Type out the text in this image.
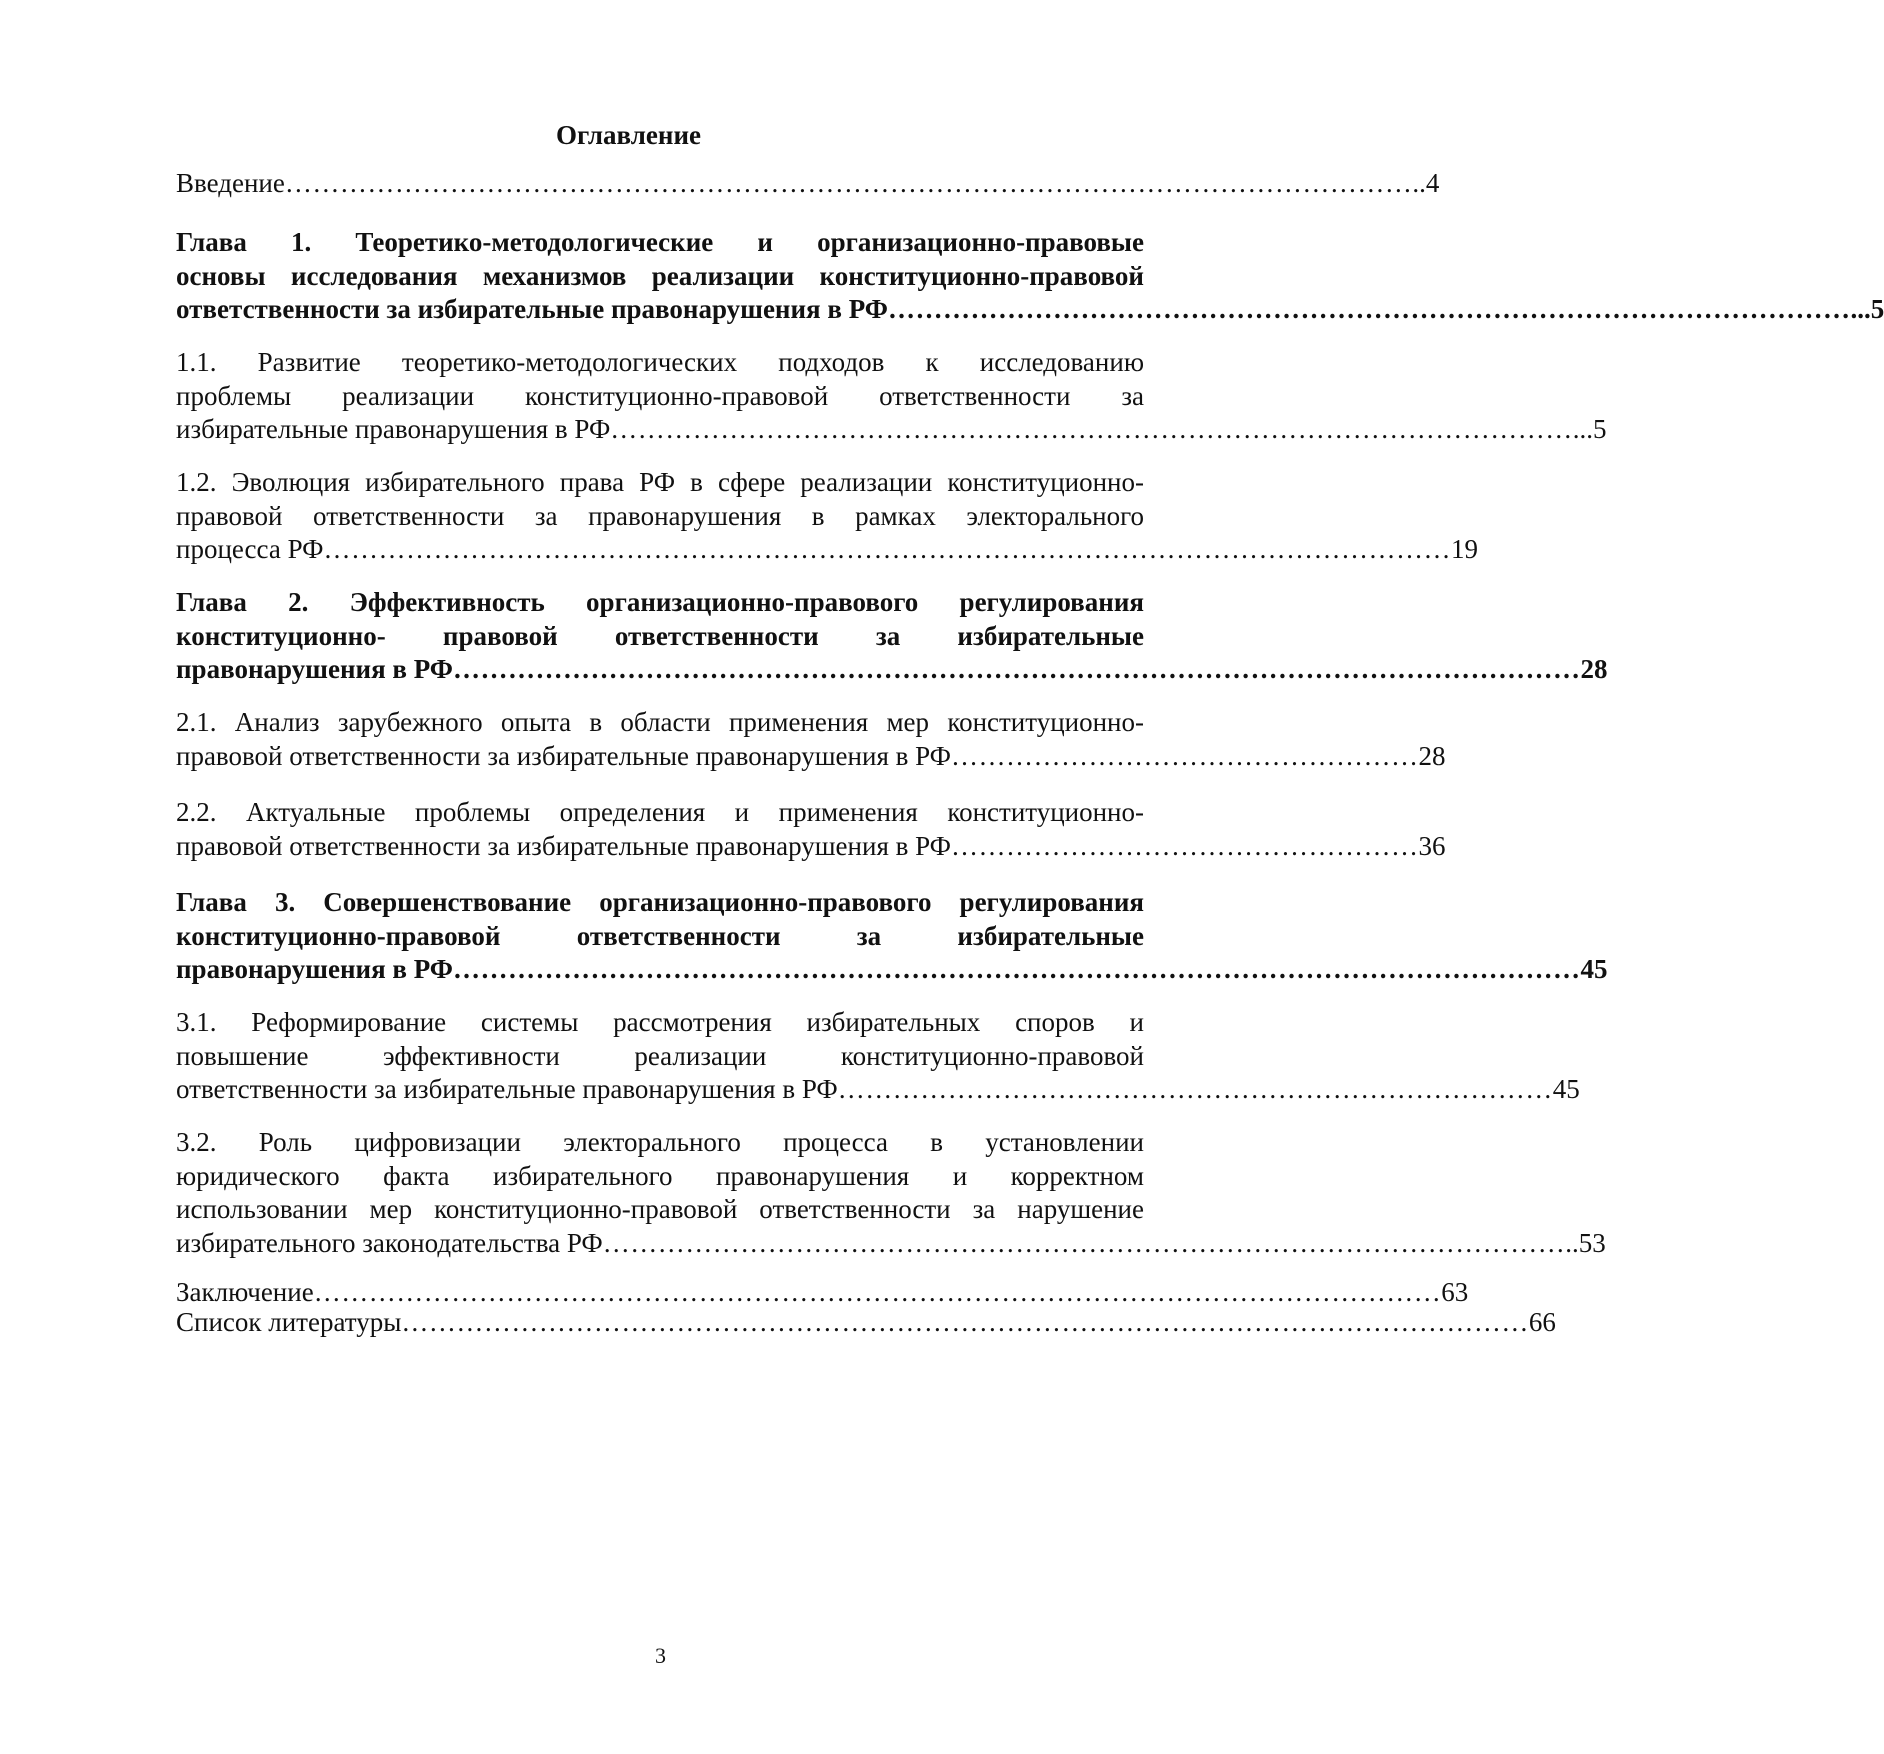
Оглавление
Введение …………………………………………………………………………………………………………… ..4
Глава 1. Теоретико-методологические и организационно-правовые
основы исследования механизмов реализации конституционно-правовой
ответственности за избирательные правонарушения в РФ …………………………………………………………………………………………… ...5
1.1. Развитие теоретико-методологических подходов к исследованию
проблемы реализации конституционно-правовой ответственности за
избирательные правонарушения в РФ …………………………………………………………………………………………… ...5
1.2. Эволюция избирательного права РФ в сфере реализации конституционно-
правовой ответственности за правонарушения в рамках электорального
процесса РФ …………………………………………………………………………………………………………… 19
Глава 2. Эффективность организационно-правового регулирования
конституционно- правовой ответственности за избирательные
правонарушения в РФ …………………………………………………………………………………………………………… 28
2.1. Анализ зарубежного опыта в области применения мер конституционно-
правовой ответственности за избирательные правонарушения в РФ …………………………………………… 28
2.2. Актуальные проблемы определения и применения конституционно-
правовой ответственности за избирательные правонарушения в РФ …………………………………………… 36
Глава 3. Совершенствование организационно-правового регулирования
конституционно-правовой ответственности за избирательные
правонарушения в РФ …………………………………………………………………………………………………………… 45
3.1. Реформирование системы рассмотрения избирательных споров и
повышение эффективности реализации конституционно-правовой
ответственности за избирательные правонарушения в РФ …………………………………………………………………… 45
3.2. Роль цифровизации электорального процесса в установлении
юридического факта избирательного правонарушения и корректном
использовании мер конституционно-правовой ответственности за нарушение
избирательного законодательства РФ …………………………………………………………………………………………… ..53
Заключение …………………………………………………………………………………………………………… 63
Список литературы …………………………………………………………………………………………………………… 66
3
